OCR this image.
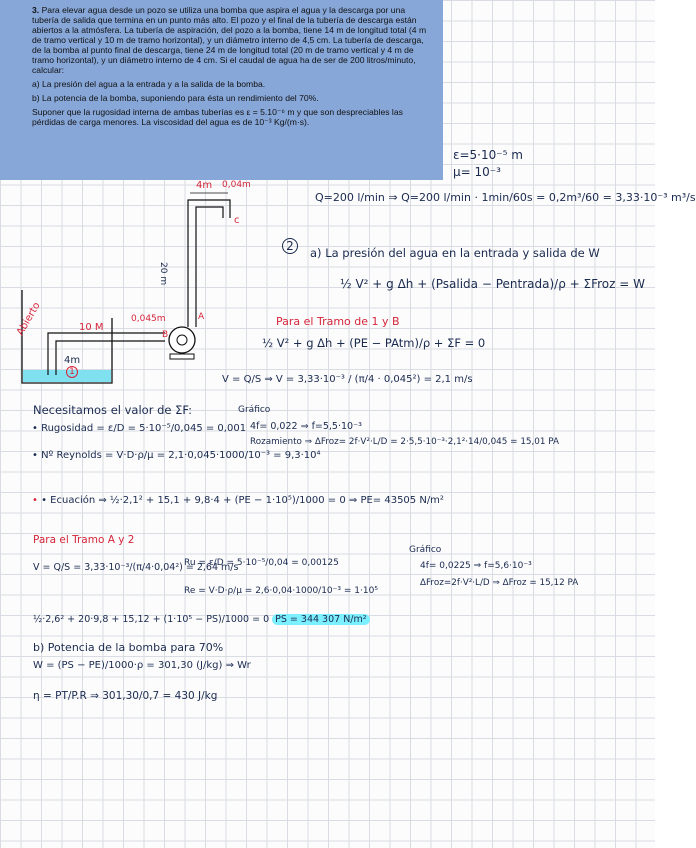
3. Para elevar agua desde un pozo se utiliza una bomba que aspira el agua y la descarga por una tubería de salida que termina en un punto más alto. El pozo y el final de la tubería de descarga están abiertos a la atmósfera. La tubería de aspiración, del pozo a la bomba, tiene 14 m de longitud total (4 m de tramo vertical y 10 m de tramo horizontal), y un diámetro interno de 4,5 cm. La tubería de descarga, de la bomba al punto final de descarga, tiene 24 m de longitud total (20 m de tramo vertical y 4 m de tramo horizontal), y un diámetro interno de 4 cm. Si el caudal de agua ha de ser de 200 litros/minuto, calcular:

a) La presión del agua a la entrada y a la salida de la bomba.

b) La potencia de la bomba, suponiendo para ésta un rendimiento del 70%.

Suponer que la rugosidad interna de ambas tuberías es ε = 5.10⁻⁶ m y que son despreciables las pérdidas de carga menores. La viscosidad del agua es de 10⁻³ Kg/(m·s).

ε=5·10⁻⁵ m
μ= 10⁻³
4m 0,04m
20 m
2
c
10 M
0,045m	A
B
Abierto
4m
1
Q=200 l/min ⇒ Q=200 l/min · 1min/60s = 0,2m³/60 = 3,33·10⁻³ m³/s
a) La presión del agua en la entrada y salida de W
½ V² + g Δh + (Psalida − Pentrada)/ρ + ΣFroz = W
Para el Tramo de 1 y B
½ V² + g Δh + (PE − PAtm)/ρ + ΣF = 0
V = Q/S ⇒ V = 3,33·10⁻³ / (π/4 · 0,045²) = 2,1 m/s
Necesitamos el valor de ΣF:
• Rugosidad = ε/D = 5·10⁻⁵/0,045 = 0,001
• Nº Reynolds = V·D·ρ/μ = 2,1·0,045·1000/10⁻³ = 9,3·10⁴
Gráfico
4f= 0,022 ⇒ f=5,5·10⁻³
Rozamiento ⇒ ΔFroz= 2f·V²·L/D = 2·5,5·10⁻³·2,1²·14/0,045 = 15,01 PA
• • Ecuación ⇒ ½·2,1² + 15,1 + 9,8·4 + (PE − 1·10⁵)/1000 = 0 ⇒ PE= 43505 N/m²
Para el Tramo A y 2
V = Q/S = 3,33·10⁻³/(π/4·0,04²) = 2,64 m/s
Ru = ε/D = 5·10⁻⁵/0,04 = 0,00125
Re = V·D·ρ/μ = 2,6·0,04·1000/10⁻³ = 1·10⁵
Gráfico
4f= 0,0225 ⇒ f=5,6·10⁻³
ΔFroz=2f·V²·L/D ⇒ ΔFroz = 15,12 PA
½·2,6² + 20·9,8 + 15,12 + (1·10⁵ − PS)/1000 = 0 PS = 344 307 N/m²
b) Potencia de la bomba para 70%
W = (PS − PE)/1000·ρ = 301,30 (J/kg) ⇒ Wr
η = PT/P.R ⇒ 301,30/0,7 = 430 J/kg
